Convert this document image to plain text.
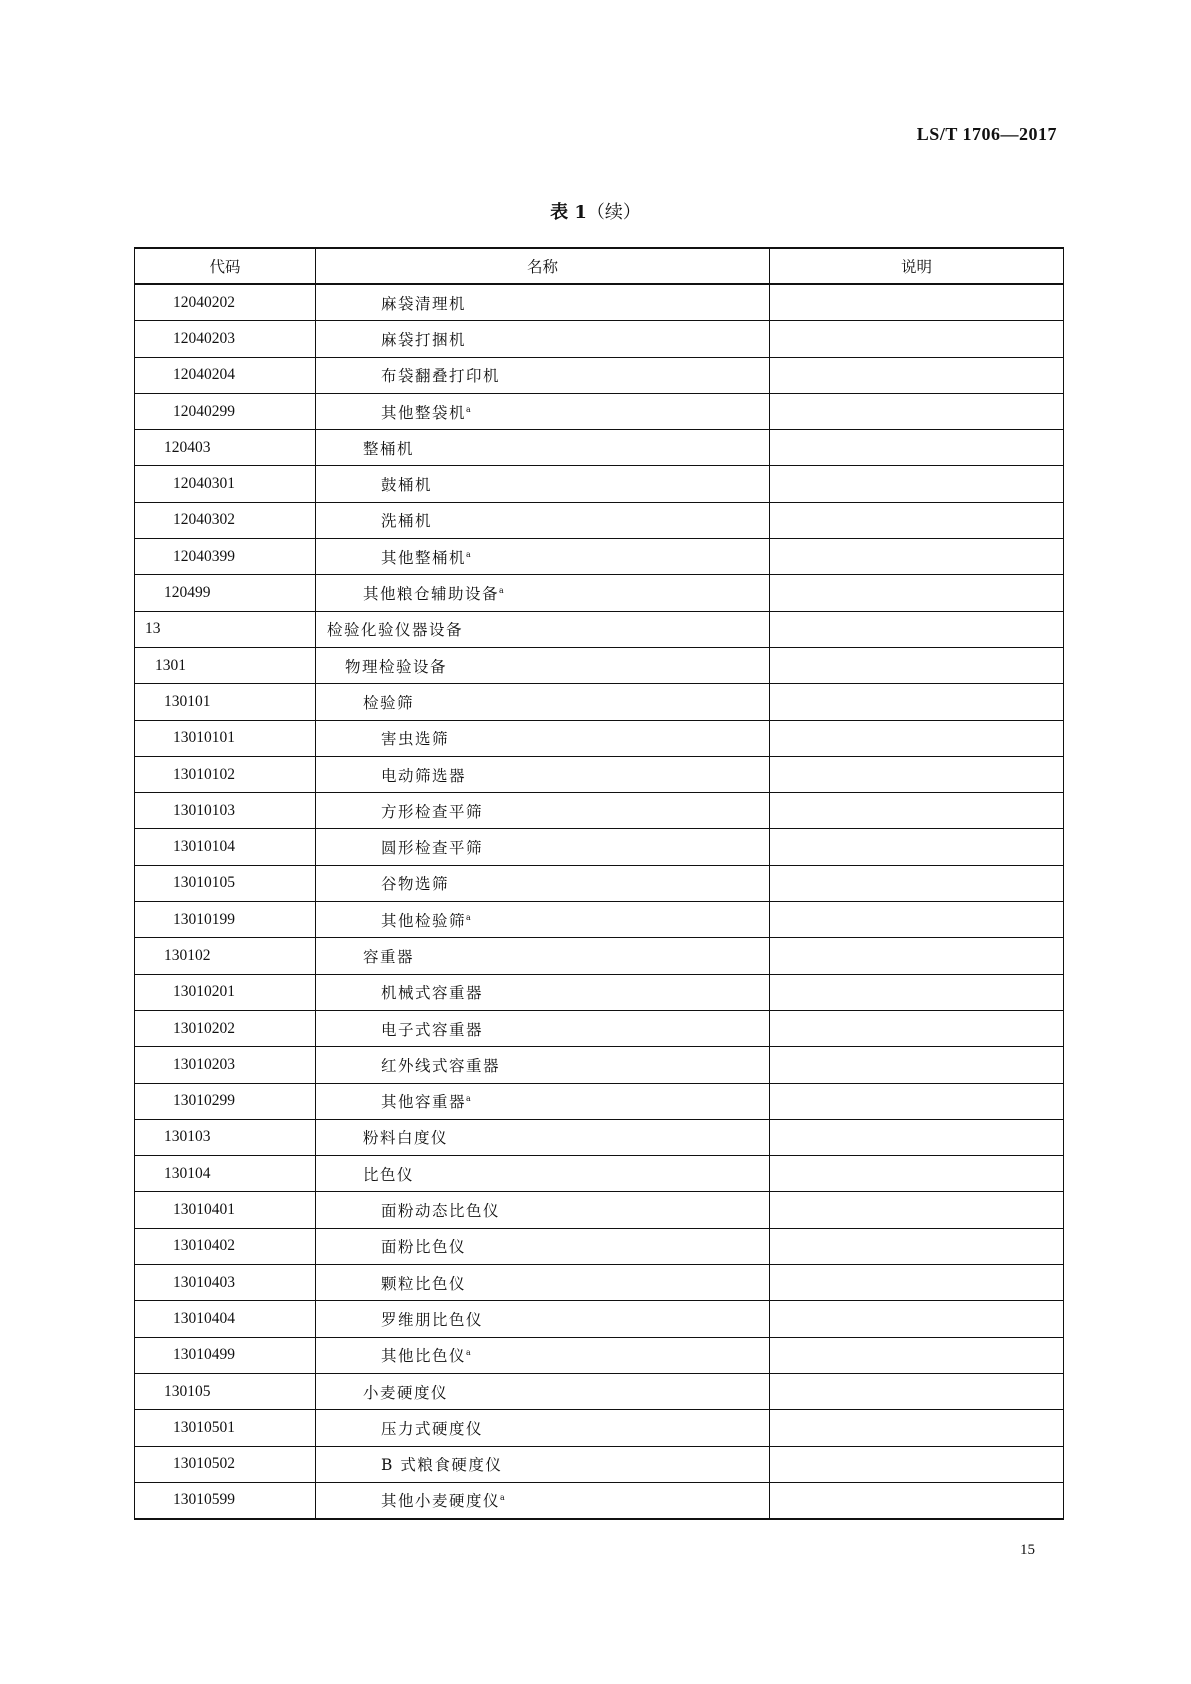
LS/T 1706—2017
表 1（续）
代码	名称	说明
12040202	麻袋清理机	
12040203	麻袋打捆机	
12040204	布袋翻叠打印机	
12040299	其他整袋机$^a$	
120403	整桶机	
12040301	鼓桶机	
12040302	洗桶机	
12040399	其他整桶机$^a$	
120499	其他粮仓辅助设备$^a$	
13	检验化验仪器设备	
1301	物理检验设备	
130101	检验筛	
13010101	害虫选筛	
13010102	电动筛选器	
13010103	方形检查平筛	
13010104	圆形检查平筛	
13010105	谷物选筛	
13010199	其他检验筛$^a$	
130102	容重器	
13010201	机械式容重器	
13010202	电子式容重器	
13010203	红外线式容重器	
13010299	其他容重器$^a$	
130103	粉料白度仪	
130104	比色仪	
13010401	面粉动态比色仪	
13010402	面粉比色仪	
13010403	颗粒比色仪	
13010404	罗维朋比色仪	
13010499	其他比色仪$^a$	
130105	小麦硬度仪	
13010501	压力式硬度仪	
13010502	B 式粮食硬度仪	
13010599	其他小麦硬度仪$^a$	
15
